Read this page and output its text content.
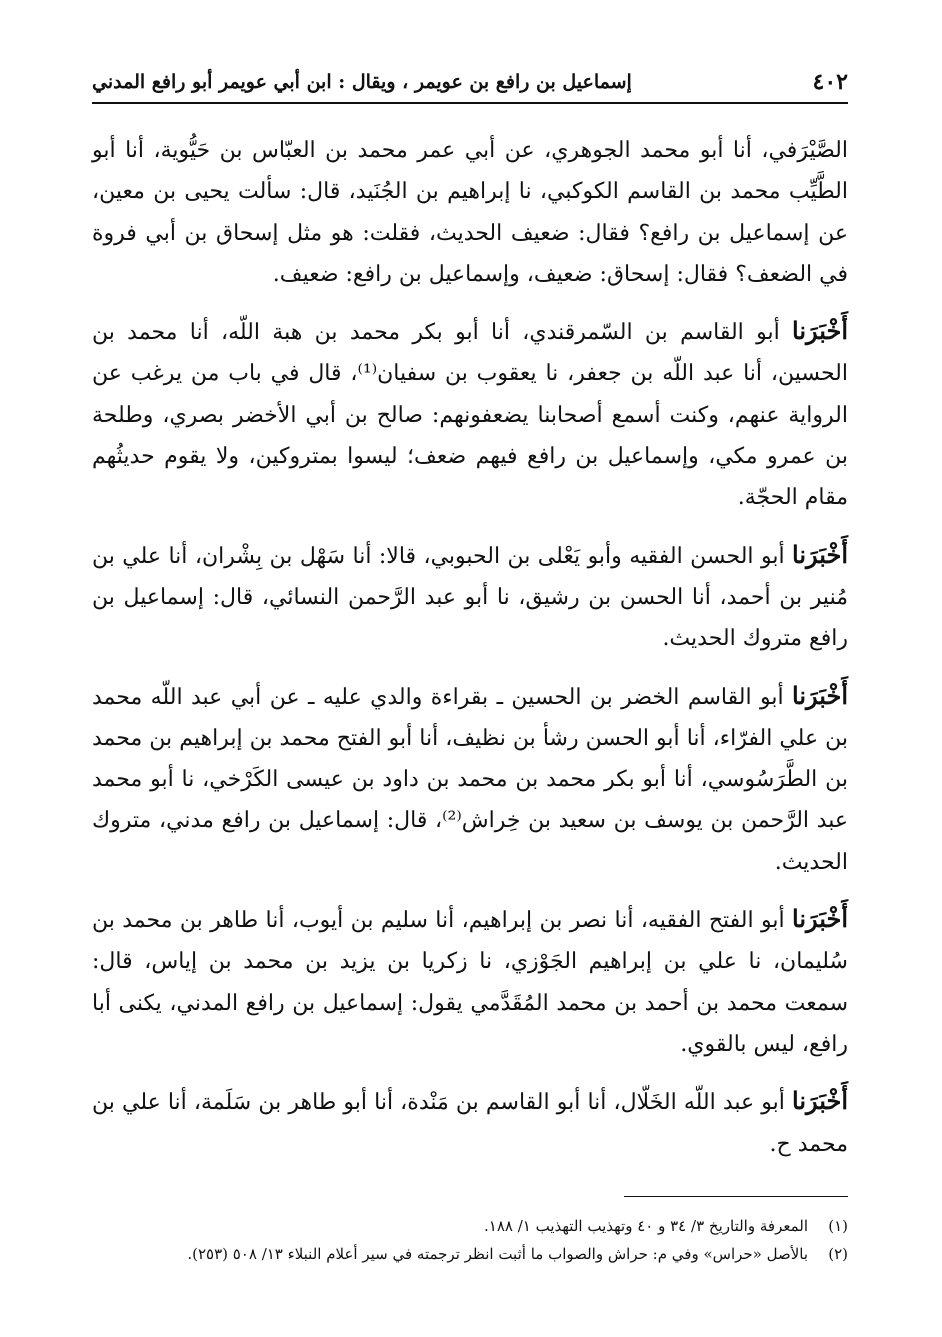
٤٠٢
إسماعيل بن رافع بن عويمر ، ويقال : ابن أبي عويمر أبو رافع المدني

الصَّيْرَفي، أنا أبو محمد الجوهري، عن أبي عمر محمد بن العبّاس بن حَيُّوية، أنا أبو الطَّيِّب محمد بن القاسم الكوكبي، نا إبراهيم بن الجُنَيد، قال: سألت يحيى بن معين، عن إسماعيل بن رافع؟ فقال: ضعيف الحديث، فقلت: هو مثل إسحاق بن أبي فروة في الضعف؟ فقال: إسحاق: ضعيف، وإسماعيل بن رافع: ضعيف.

أَخْبَرَنا أبو القاسم بن السّمرقندي، أنا أبو بكر محمد بن هبة اللّه، أنا محمد بن الحسين، أنا عبد اللّه بن جعفر، نا يعقوب بن سفيان⁽¹⁾، قال في باب من يرغب عن الرواية عنهم، وكنت أسمع أصحابنا يضعفونهم: صالح بن أبي الأخضر بصري، وطلحة بن عمرو مكي، وإسماعيل بن رافع فيهم ضعف؛ ليسوا بمتروكين، ولا يقوم حديثُهم مقام الحجّة.

أَخْبَرَنا أبو الحسن الفقيه وأبو يَعْلى بن الحبوبي، قالا: أنا سَهْل بن بِشْران، أنا علي بن مُنير بن أحمد، أنا الحسن بن رشيق، نا أبو عبد الرَّحمن النسائي، قال: إسماعيل بن رافع متروك الحديث.

أَخْبَرَنا أبو القاسم الخضر بن الحسين ـ بقراءة والدي عليه ـ عن أبي عبد اللّه محمد بن علي الفرّاء، أنا أبو الحسن رشأ بن نظيف، أنا أبو الفتح محمد بن إبراهيم بن محمد بن الطَّرَسُوسي، أنا أبو بكر محمد بن محمد بن داود بن عيسى الكَرْخي، نا أبو محمد عبد الرَّحمن بن يوسف بن سعيد بن خِراش⁽²⁾، قال: إسماعيل بن رافع مدني، متروك الحديث.

أَخْبَرَنا أبو الفتح الفقيه، أنا نصر بن إبراهيم، أنا سليم بن أيوب، أنا طاهر بن محمد بن سُليمان، نا علي بن إبراهيم الجَوْزي، نا زكريا بن يزيد بن محمد بن إياس، قال: سمعت محمد بن أحمد بن محمد المُقَدَّمي يقول: إسماعيل بن رافع المدني، يكنى أبا رافع، ليس بالقوي.

أَخْبَرَنا أبو عبد اللّه الخَلّال، أنا أبو القاسم بن مَنْدة، أنا أبو طاهر بن سَلَمة، أنا علي بن محمد ح.

(١)
المعرفة والتاريخ ٣/ ٣٤ و ٤٠ وتهذيب التهذيب ١/ ١٨٨.
(٢)
بالأصل «حراس» وفي م: حراش والصواب ما أثبت انظر ترجمته في سير أعلام النبلاء ١٣/ ٥٠٨ (٢٥٣).
